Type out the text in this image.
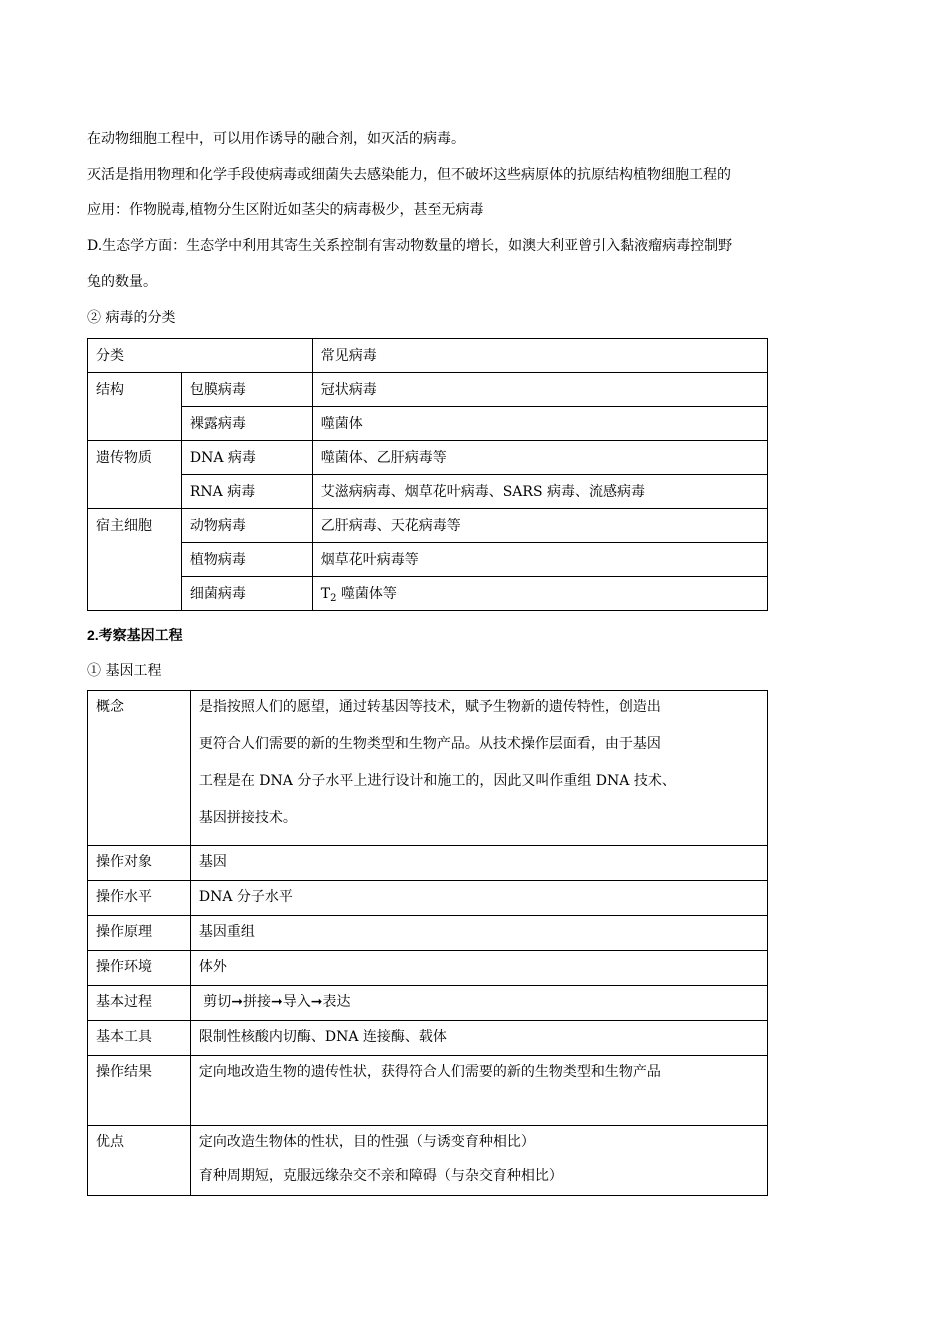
在动物细胞工程中，可以用作诱导的融合剂，如灭活的病毒。
灭活是指用物理和化学手段使病毒或细菌失去感染能力，但不破坏这些病原体的抗原结构植物细胞工程的
应用：作物脱毒,植物分生区附近如茎尖的病毒极少，甚至无病毒
D.生态学方面：生态学中利用其寄生关系控制有害动物数量的增长，如澳大利亚曾引入黏液瘤病毒控制野
兔的数量。
② 病毒的分类
分类		常见病毒
结构	包膜病毒	冠状病毒
	裸露病毒	噬菌体
遗传物质	DNA 病毒	噬菌体、乙肝病毒等
	RNA 病毒	艾滋病病毒、烟草花叶病毒、SARS 病毒、流感病毒
宿主细胞	动物病毒	乙肝病毒、天花病毒等
	植物病毒	烟草花叶病毒等
	细菌病毒	$T_2$ 噬菌体等
2.考察基因工程
① 基因工程
概念	是指按照人们的愿望，通过转基因等技术，赋予生物新的遗传特性，创造出
更符合人们需要的新的生物类型和生物产品。从技术操作层面看，由于基因
工程是在 DNA 分子水平上进行设计和施工的，因此又叫作重组 DNA 技术、
基因拼接技术。

操作对象	基因
操作水平	DNA 分子水平
操作原理	基因重组
操作环境	体外
基本过程	剪切➞拼接➞导入➞表达
基本工具	限制性核酸内切酶、DNA 连接酶、载体
操作结果	定向地改造生物的遗传性状，获得符合人们需要的新的生物类型和生物产品
优点	定向改造生物体的性状，目的性强（与诱变育种相比）
育种周期短，克服远缘杂交不亲和障碍（与杂交育种相比）
